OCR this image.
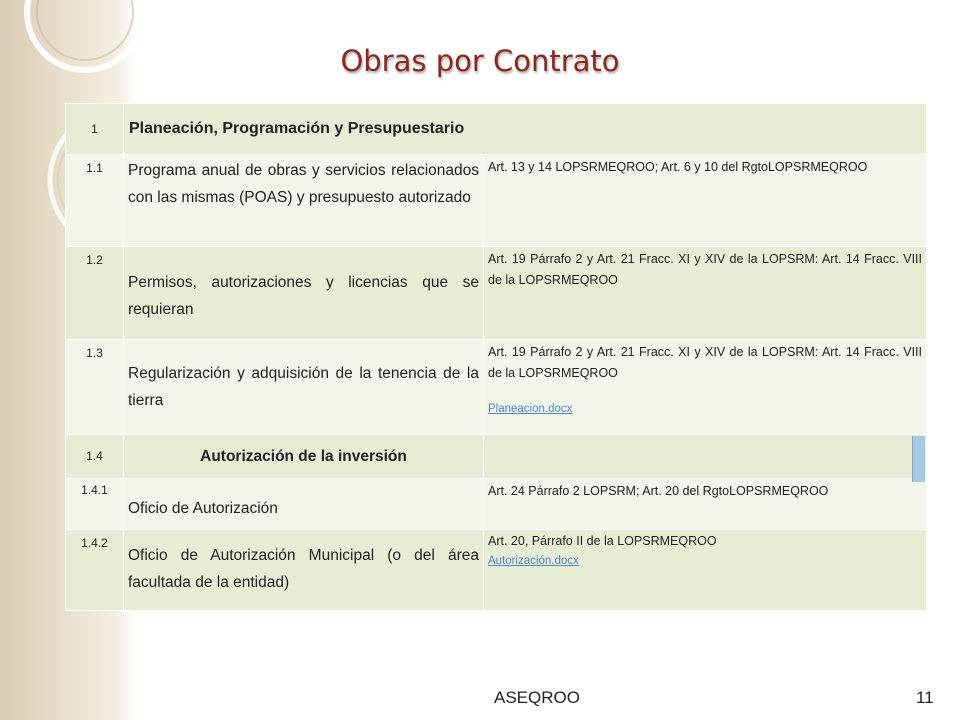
Obras por Contrato
1	Planeación, Programación y Presupuestario	
1.1	Programa anual de obras y servicios relacionados con las mismas (POAS) y presupuesto autorizado	Art. 13 y 14 LOPSRMEQROO; Art. 6 y 10 del RgtoLOPSRMEQROO
1.2	Permisos, autorizaciones y licencias que se requieran	Art. 19 Párrafo 2 y Art. 21 Fracc. XI y XIV de la LOPSRM: Art. 14 Fracc. VIII de la LOPSRMEQROO
1.3	Regularización y adquisición de la tenencia de la tierra	Art. 19 Párrafo 2 y Art. 21 Fracc. XI y XIV de la LOPSRM: Art. 14 Fracc. VIII de la LOPSRMEQROO
Planeacion.docx

1.4	Autorización de la inversión	
1.4.1	Oficio de Autorización	Art. 24 Párrafo 2 LOPSRM; Art. 20 del RgtoLOPSRMEQROO
1.4.2	Oficio de Autorización Municipal (o del área facultada de la entidad)	Art. 20, Párrafo II de la LOPSRMEQROO
Autorización.docx
ASEQROO	11
